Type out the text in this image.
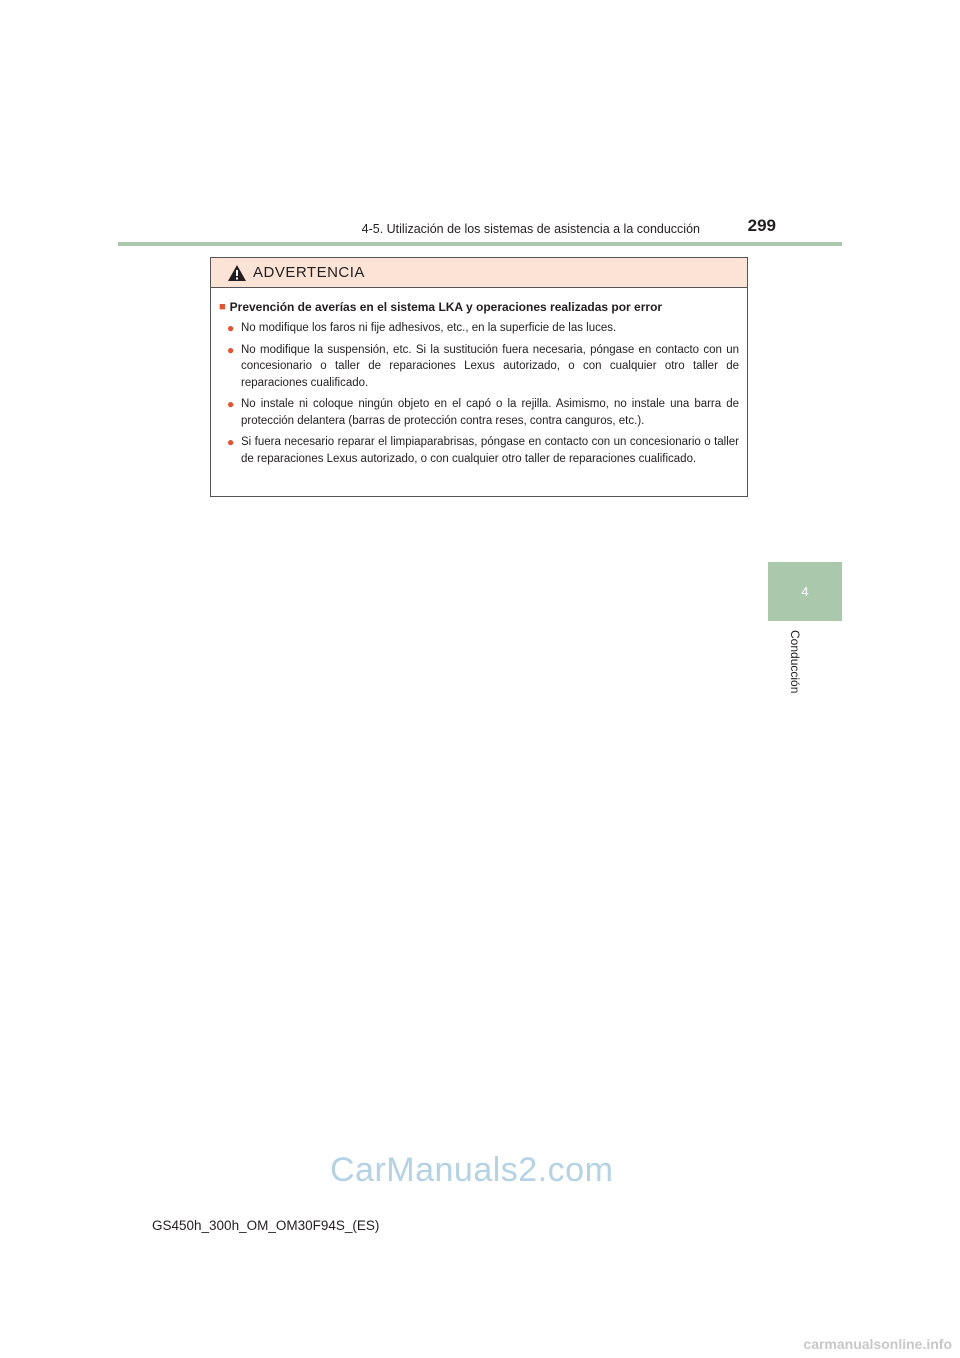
4-5. Utilización de los sistemas de asistencia a la conducción	299
4
Conducción
ADVERTENCIA
■ Prevención de averías en el sistema LKA y operaciones realizadas por error
● No modifique los faros ni fije adhesivos, etc., en la superficie de las luces.
● No modifique la suspensión, etc. Si la sustitución fuera necesaria, póngase en contacto con un concesionario o taller de reparaciones Lexus autorizado, o con cualquier otro taller de reparaciones cualificado.
● No instale ni coloque ningún objeto en el capó o la rejilla. Asimismo, no instale una barra de protección delantera (barras de protección contra reses, contra canguros, etc.).
● Si fuera necesario reparar el limpiaparabrisas, póngase en contacto con un concesionario o taller de reparaciones Lexus autorizado, o con cualquier otro taller de reparaciones cualificado.
CarManuals2.com
GS450h_300h_OM_OM30F94S_(ES)
carmanualsonline.info
